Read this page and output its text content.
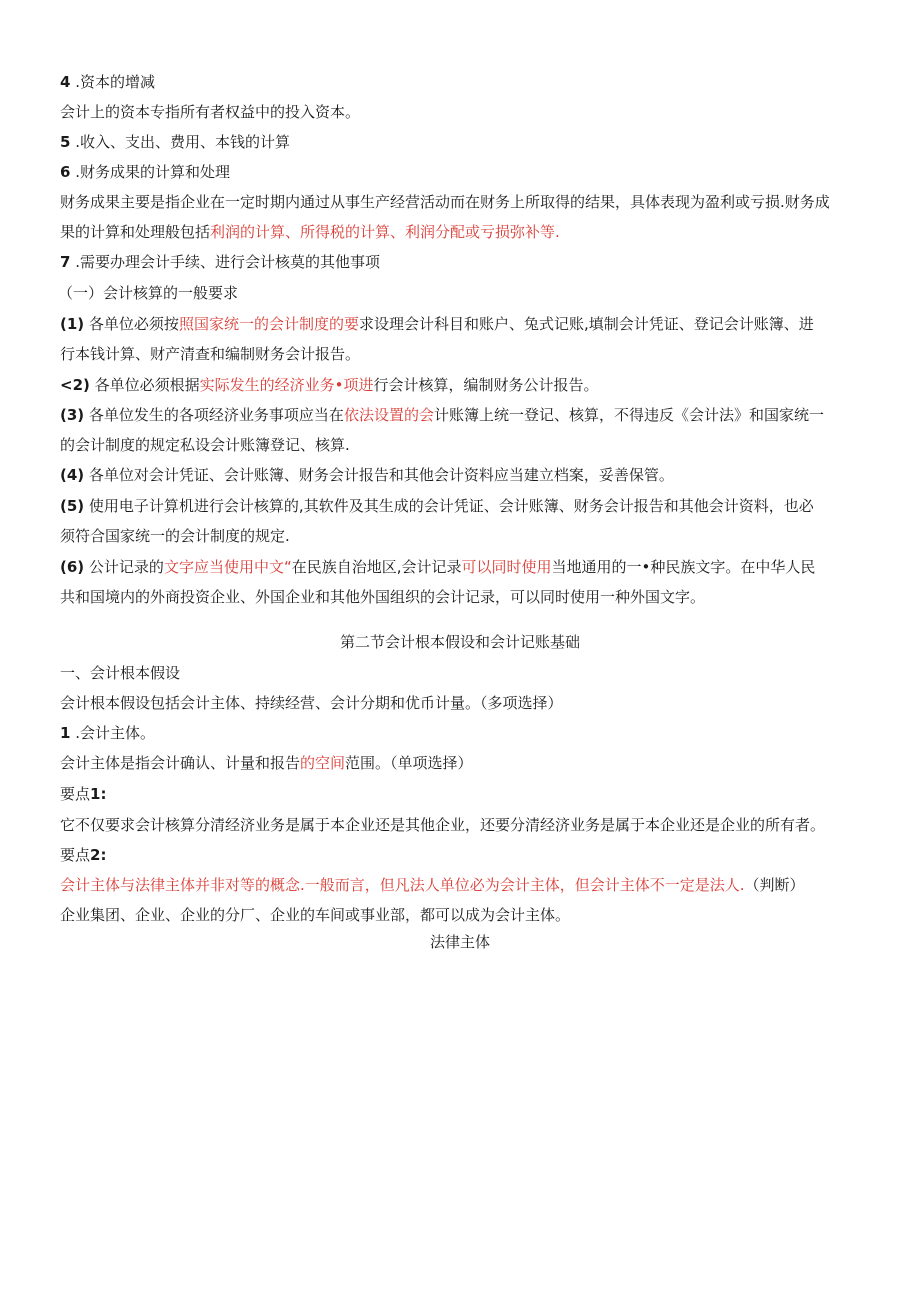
4 .资本的增减
会计上的资本专指所有者权益中的投入资本。
5 .收入、支出、费用、本钱的计算
6 .财务成果的计算和处理
财务成果主要是指企业在一定时期内通过从事生产经营活动而在财务上所取得的结果，具体表现为盈利或亏损.财务成
果的计算和处理般包括利润的计算、所得税的计算、利润分配或亏损弥补等.
7 .需要办理会计手续、进行会计核莫的其他事项
（一）会计核算的一般要求
(1) 各单位必须按照国家统一的会计制度的要求设理会计科目和账户、兔式记账,填制会计凭证、登记会计账簿、进
行本钱计算、财产清查和编制财务会计报告。
<2) 各单位必须根据实际发生的经济业务•项进行会计核算，编制财务公计报告。
(3) 各单位发生的各项经济业务事项应当在依法设置的会计账簿上统一登记、核算，不得违反《会计法》和国家统一
的会计制度的规定私设会计账簿登记、核算.
(4) 各单位对会计凭证、会计账簿、财务会计报告和其他会计资料应当建立档案，妥善保管。
(5) 使用电子计算机进行会计核算的,其软件及其生成的会计凭证、会计账簿、财务会计报告和其他会计资料，也必
须符合国家统一的会计制度的规定.
(6) 公计记录的文字应当使用中文“在民族自治地区,会计记录可以同时使用当地通用的一•种民族文字。在中华人民
共和国境内的外商投资企业、外国企业和其他外国组织的会计记录，可以同时使用一种外国文字。
第二节会计根本假设和会计记账基础
一、会计根本假设
会计根本假设包括会计主体、持续经营、会计分期和优币计量。（多项选择）
1 .会计主体。
会计主体是指会计确认、计量和报告的空间范围。（单项选择）
要点1:
它不仅要求会计核算分清经济业务是属于本企业还是其他企业，还要分清经济业务是属于本企业还是企业的所有者。
要点2:
会计主体与法律主体并非对等的概念.一般而言，但凡法人单位必为会计主体，但会计主体不一定是法人.（判断）
企业集团、企业、企业的分厂、企业的车间或事业部，都可以成为会计主体。
法律主体
